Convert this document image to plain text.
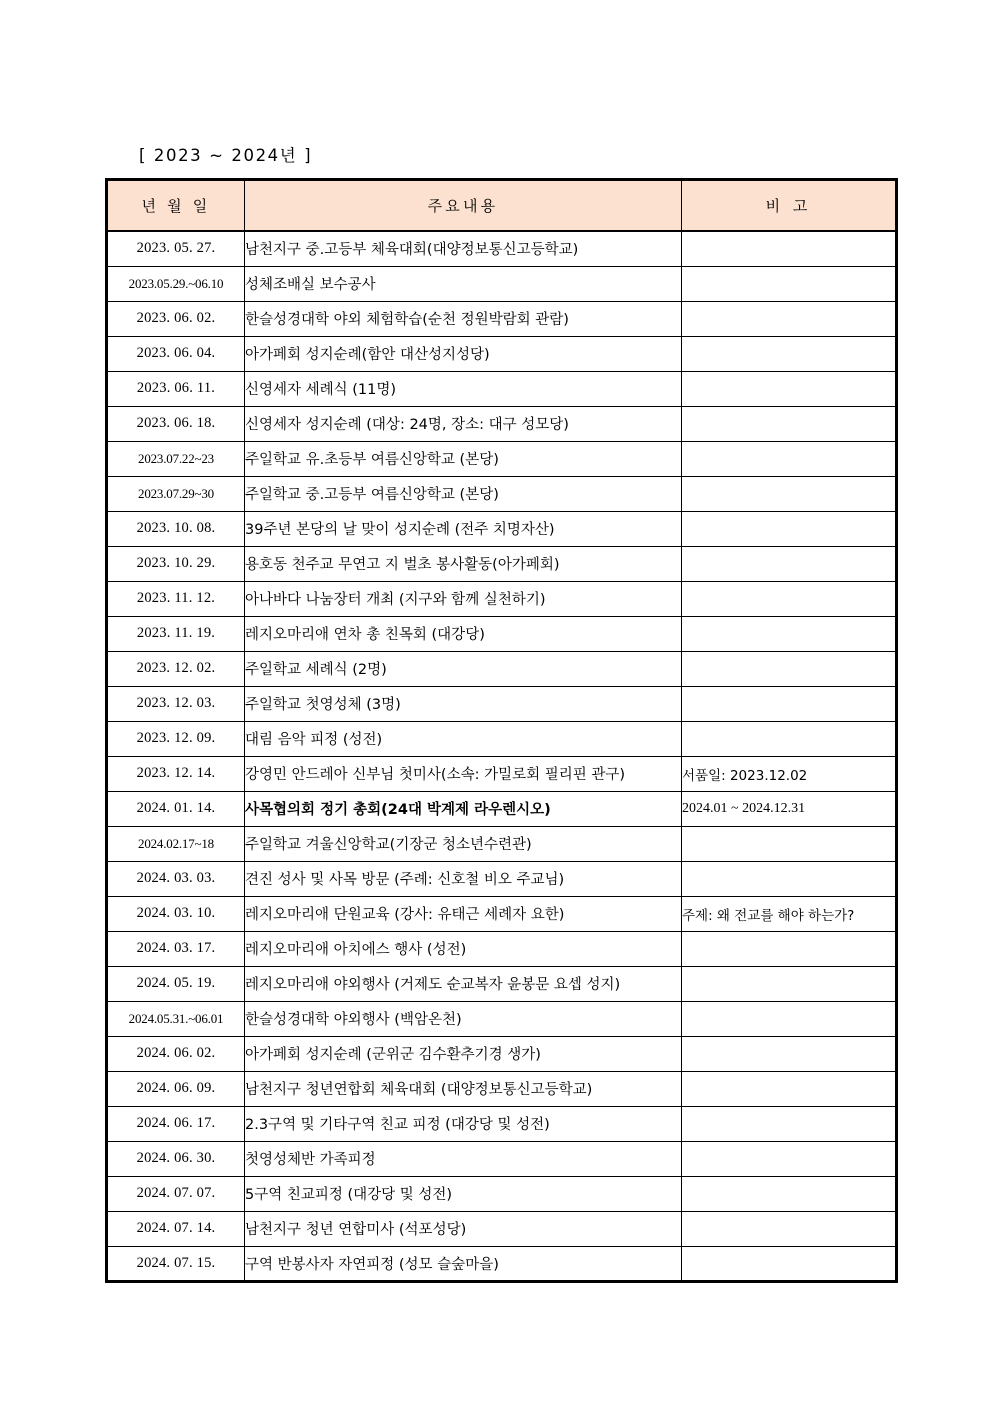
[ 2023 ~ 2024년 ]
년 월 일	주요내용	비 고
2023. 05. 27.	남천지구 중.고등부 체육대회(대양정보통신고등학교)	
2023.05.29.~06.10	성체조배실 보수공사	
2023. 06. 02.	한슬성경대학 야외 체험학습(순천 정원박람회 관람)	
2023. 06. 04.	아가페회 성지순례(함안 대산성지성당)	
2023. 06. 11.	신영세자 세례식 (11명)	
2023. 06. 18.	신영세자 성지순례 (대상: 24명, 장소: 대구 성모당)	
2023.07.22~23	주일학교 유.초등부 여름신앙학교 (본당)	
2023.07.29~30	주일학교 중.고등부 여름신앙학교 (본당)	
2023. 10. 08.	39주년 본당의 날 맞이 성지순례 (전주 치명자산)	
2023. 10. 29.	용호동 천주교 무연고 지 벌초 봉사활동(아가페회)	
2023. 11. 12.	아나바다 나눔장터 개최 (지구와 함께 실천하기)	
2023. 11. 19.	레지오마리애 연차 총 친목회 (대강당)	
2023. 12. 02.	주일학교 세례식 (2명)	
2023. 12. 03.	주일학교 첫영성체 (3명)	
2023. 12. 09.	대림 음악 피정 (성전)	
2023. 12. 14.	강영민 안드레아 신부님 첫미사(소속: 가밀로회 필리핀 관구)	서품일: 2023.12.02
2024. 01. 14.	사목협의회 정기 총회(24대 박계제 라우렌시오)	2024.01 ~ 2024.12.31
2024.02.17~18	주일학교 겨울신앙학교(기장군 청소년수련관)	
2024. 03. 03.	견진 성사 및 사목 방문 (주례: 신호철 비오 주교님)	
2024. 03. 10.	레지오마리애 단원교육 (강사: 유태근 세례자 요한)	주제: 왜 전교를 해야 하는가?
2024. 03. 17.	레지오마리애 아치에스 행사 (성전)	
2024. 05. 19.	레지오마리애 야외행사 (거제도 순교복자 윤봉문 요셉 성지)	
2024.05.31.~06.01	한슬성경대학 야외행사 (백암온천)	
2024. 06. 02.	아가페회 성지순례 (군위군 김수환추기경 생가)	
2024. 06. 09.	남천지구 청년연합회 체육대회 (대양정보통신고등학교)	
2024. 06. 17.	2.3구역 및 기타구역 친교 피정 (대강당 및 성전)	
2024. 06. 30.	첫영성체반 가족피정	
2024. 07. 07.	5구역 친교피정 (대강당 및 성전)	
2024. 07. 14.	남천지구 청년 연합미사 (석포성당)	
2024. 07. 15.	구역 반봉사자 자연피정 (성모 슬숲마을)	
